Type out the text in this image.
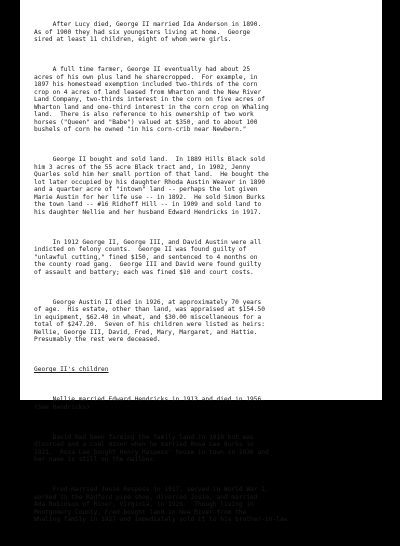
After Lucy died, George II married Ida Anderson in 1890.
As of 1900 they had six youngsters living at home.  George
sired at least 11 children, eight of whom were girls.

A full time farmer, George II eventually had about 25
acres of his own plus land he sharecropped.  For example, in
1897 his homestead exemption included two-thirds of the corn
crop on 4 acres of land leased from Wharton and the New River
Land Company, two-thirds interest in the corn on five acres of
Wharton land and one-third interest in the corn crop on Whaling
land.  There is also reference to his ownership of two work
horses ("Queen" and "Babe") valued at $350, and to about 100
bushels of corn he owned "in his corn-crib near Newbern."

George II bought and sold land.  In 1889 Hills Black sold
him 3 acres of the 55 acre Black tract and, in 1902, Jenny
Quarles sold him her small portion of that land.  He bought the
lot later occupied by his daughter Rhoda Austin Weaver in 1890
and a quarter acre of "intown" land -- perhaps the lot given
Marie Austin for her life use -- in 1892.  He sold Simon Burks
the town land -- #16 Ridhoff Hill -- in 1909 and sold land to
his daughter Nellie and her husband Edward Hendricks in 1917.

In 1912 George II, George III, and David Austin were all
indicted on felony counts.  George II was found guilty of
"unlawful cutting," fined $150, and sentenced to 4 months on
the county road gang.  George III and David were found guilty
of assault and battery; each was fined $10 and court costs.

George Austin II died in 1926, at approximately 70 years
of age.  His estate, other than land, was appraised at $154.50
in equipment, $62.40 in wheat, and $30.00 miscellaneous for a
total of $247.20.  Seven of his children were listed as heirs:
Nellie, George III, David, Fred, Mary, Margaret, and Hattie.
Presumably the rest were deceased.

George II's children

Nellie married Edward Hendricks in 1913 and died in 1956.
(See Hendricks)

David had been farming the family land in 1910 but was
divorced and a coal miner when he married Rosa Lee Burks in
1921.  Rosa Lee bought Henry Respess' house in town in 1936 and
her name is still on the mailbox.

Fred married Josie Respess in 1917, served in World War I,
worked in the Radford pipe shop, divorced Josie, and married
Ada Robinson of Riner, Virginia, in 1926.  Though living in
Montgomery County, Fred bought land in New River from the
Whaling family in 1927 and immediately sold it to his brother-in-law
